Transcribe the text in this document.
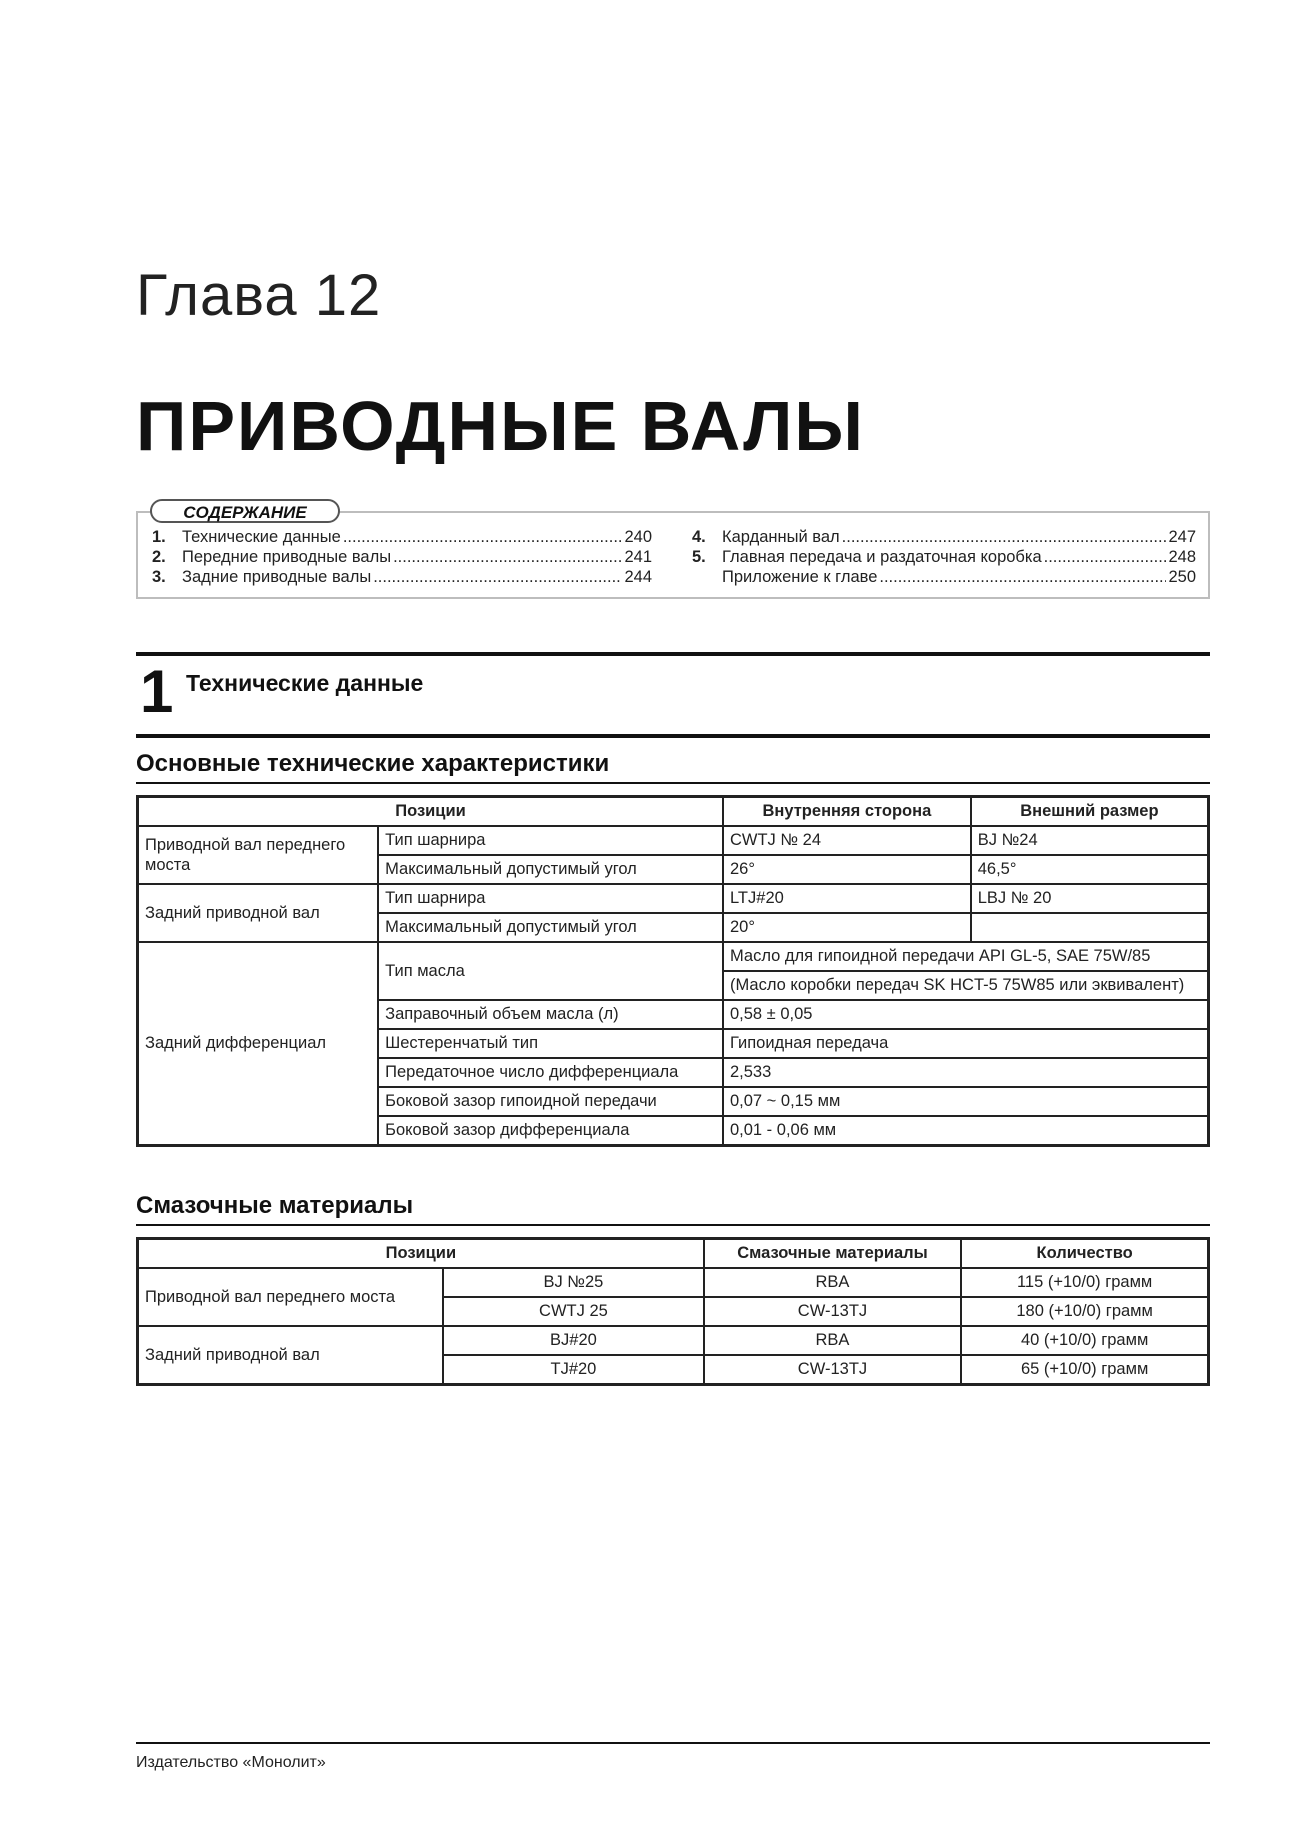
Глава 12
ПРИВОДНЫЕ ВАЛЫ
1. Технические данные .....	240
2. Передние приводные валы .....	241
3. Задние приводные валы .....	244
4. Карданный вал .....	247
5. Главная передача и раздаточная коробка .....	248
Приложение к главе .....	250
СОДЕРЖАНИЕ
1 Технические данные
Основные технические характеристики
Позиции		Внутренняя сторона	Внешний размер
Приводной вал переднего моста	Тип шарнира	CWTJ № 24	BJ №24
	Максимальный допустимый угол	26°	46,5°
Задний приводной вал	Тип шарнира	LTJ#20	LBJ № 20
	Максимальный допустимый угол	20°	
Задний дифференциал	Тип масла	Масло для гипоидной передачи API GL-5, SAE 75W/85	
		(Масло коробки передач SK HCT-5 75W85 или эквивалент)	
	Заправочный объем масла (л)	0,58 ± 0,05	
	Шестеренчатый тип	Гипоидная передача	
	Передаточное число дифференциала	2,533	
	Боковой зазор гипоидной передачи	0,07 ~ 0,15 мм	
	Боковой зазор дифференциала	0,01 - 0,06 мм	
Смазочные материалы
Позиции		Смазочные материалы	Количество
Приводной вал переднего моста	BJ №25	RBA	115 (+10/0) грамм
	CWTJ 25	CW-13TJ	180 (+10/0) грамм
Задний приводной вал	BJ#20	RBA	40 (+10/0) грамм
	TJ#20	CW-13TJ	65 (+10/0) грамм
Издательство «Монолит»
